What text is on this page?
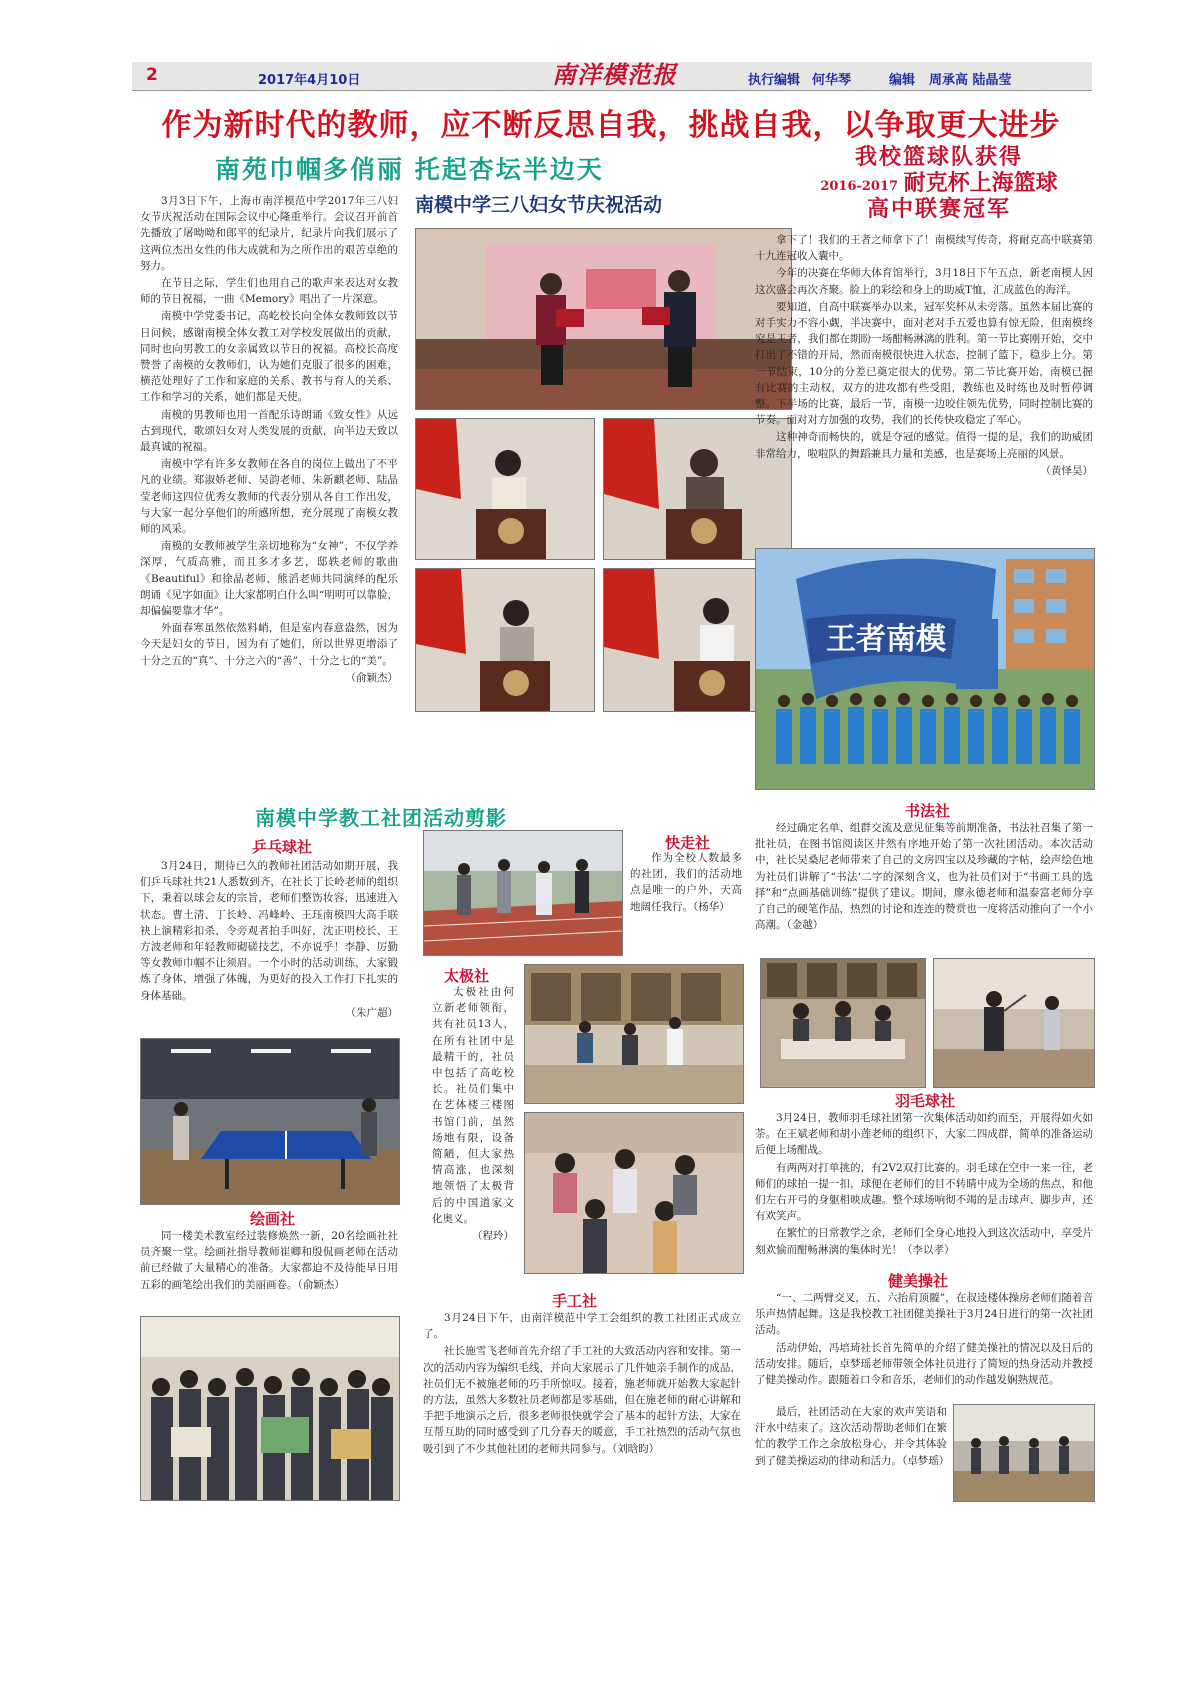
2	2017年4月10日	南洋模范报	执行编辑 何华琴	编辑 周承高 陆晶莹
作为新时代的教师，应不断反思自我，挑战自我，以争取更大进步
南苑巾帼多俏丽 托起杏坛半边天

3月3日下午，上海市南洋模范中学2017年三八妇女节庆祝活动在国际会议中心隆重举行。会议召开前首先播放了屠呦呦和郎平的纪录片，纪录片向我们展示了这两位杰出女性的伟大成就和为之所作出的艰苦卓绝的努力。

在节日之际，学生们也用自己的歌声来表达对女教师的节日祝福，一曲《Memory》唱出了一片深意。

南模中学党委书记，高屹校长向全体女教师致以节日问候，感谢南模全体女教工对学校发展做出的贡献，同时也向男教工的女亲属致以节日的祝福。高校长高度赞誉了南模的女教师们，认为她们克服了很多的困难，横范处理好了工作和家庭的关系、教书与育人的关系、工作和学习的关系，她们都是天使。

南模的男教师也用一首配乐诗朗诵《致女性》从远古到现代，歌颂妇女对人类发展的贡献，向半边天致以最真诚的祝福。

南模中学有许多女教师在各自的岗位上做出了不平凡的业绩。郑淑娇老师、吴韵老师、朱新麒老师、陆晶莹老师这四位优秀女教师的代表分别从各自工作出发，与大家一起分享他们的所感所想，充分展现了南模女教师的风采。

南模的女教师被学生亲切地称为“女神”，不仅学养深厚，气质高雅，而且多才多艺，邸轶老师的歌曲《Beautiful》和徐晶老师、熊滔老师共同演绎的配乐朗诵《见字如面》让大家都明白什么叫“明明可以靠脸，却偏偏要靠才华”。

外面春寒虽然依然料峭，但是室内春意盎然，因为今天是妇女的节日，因为有了她们，所以世界更增添了十分之五的“真”、十分之六的“善”、十分之七的“美”。

（俞颖杰）
南模中学三八妇女节庆祝活动
我校篮球队获得
2016-2017 耐克杯上海篮球
高中联赛冠军

拿下了！我们的王者之师拿下了！南模续写传奇，将耐克高中联赛第十九连冠收入囊中。

今年的决赛在华师大体育馆举行，3月18日下午五点，新老南模人因这次盛会再次齐聚。脸上的彩绘和身上的助威T恤，汇成蓝色的海洋。

要知道，自高中联赛举办以来，冠军奖杯从未旁落。虽然本届比赛的对手实力不容小觑，半决赛中，面对老对手五爱也算有惊无险，但南模终究是王者，我们都在期盼一场酣畅淋漓的胜利。第一节比赛刚开始，交中打出了不错的开局，然而南模很快进入状态，控制了篮下，稳步上分。第一节结束，10分的分差已奠定很大的优势。第二节比赛开始，南模已握有比赛的主动权，双方的进攻都有些受阻，教练也及时练也及时暂停调整。下半场的比赛，最后一节，南模一边咬住领先优势，同时控制比赛的节奏。面对对方加强的攻势，我们的长传快攻稳定了军心。

这种神奇而畅快的，就是夺冠的感觉。值得一提的是，我们的助威团非常给力，啦啦队的舞蹈兼具力量和美感，也是赛场上亮丽的风景。

（黄怿昊）
王者南模
南模中学教工社团活动剪影
乒乓球社

3月24日，期待已久的教师社团活动如期开展，我们乒乓球社共21人悉数到齐，在社长丁长岭老师的组织下，秉着以球会友的宗旨，老师们整饬妆容，迅速进入状态。曹土清、丁长岭、冯峰岭、王珏南模四大高手联袂上演精彩扣杀，令旁观者拍手叫好，沈正明校长、王方波老师和年轻教师砌磋技艺，不亦说乎！李静、厉勤等女教师巾帼不让须眉。一个小时的活动训练，大家锻炼了身体，增强了体魄，为更好的投入工作打下扎实的身体基础。

（朱广超）
绘画社

同一楼美术教室经过装修焕然一新，20名绘画社社员齐聚一堂。绘画社指导教师崔卿和殷侃画老师在活动前已经做了大量精心的准备。大家都迫不及待能早日用五彩的画笔绘出我们的美丽画卷。（俞颖杰）

快走社

作为全校人数最多的社团，我们的活动地点是唯一的户外，天高地阔任我行。（杨华）

太极社

太极社由何立新老师领衔，共有社员13人，在所有社团中是最精干的，社员中包括了高屹校长。社员们集中在艺体楼三楼图书馆门前，虽然场地有限，设备简陋，但大家热情高涨，也深刻地领悟了太极背后的中国道家文化奥义。

（程玲）
手工社

3月24日下午，由南洋模范中学工会组织的教工社团正式成立了。

社长施雪飞老师首先介绍了手工社的大致活动内容和安排。第一次的活动内容为编织毛线，并向大家展示了几件她亲手制作的成品，社员们无不被施老师的巧手所惊叹。接着，施老师就开始教大家起针的方法，虽然大多数社员老师都是零基础，但在施老师的耐心讲解和手把手地演示之后，很多老师很快就学会了基本的起针方法，大家在互帮互助的同时感受到了几分春天的暖意，手工社热烈的活动气氛也吸引到了不少其他社团的老师共同参与。（刘晗昀）

书法社

经过确定名单、组群交流及意见征集等前期准备，书法社召集了第一批社员，在图书馆阅读区井然有序地开始了第一次社团活动。本次活动中，社长吴桑尼老师带来了自己的文房四宝以及珍藏的字帖，绘声绘色地为社员们讲解了“书法‘二字的深刻含义，也为社员们对于“书画工具的选择”和“点画基础训练”提供了建议。期间，廖永德老师和温泰富老师分享了自己的硬笔作品，热烈的讨论和连连的赞赏也一度将活动推向了一个小高潮。（金越）

羽毛球社

3月24日，教师羽毛球社团第一次集体活动如约而至，开展得如火如荼。在王斌老师和胡小莲老师的组织下，大家二四成群，简单的准备运动后便上场酣战。

有两两对打单挑的，有2V2双打比赛的。羽毛球在空中一来一往，老师们的球拍一提一扣，球便在老师们的目不转睛中成为全场的焦点，和他们左右开弓的身躯相映成趣。整个球场响彻不竭的是击球声、脚步声，还有欢笑声。

在繁忙的日常教学之余，老师们全身心地投入到这次活动中，享受片刻欢愉而酣畅淋漓的集体时光！（李以孝）

健美操社

“一、二两臂交叉，五、六抬肩顶髋”，在叔逵楼体操房老师们随着音乐声热情起舞。这是我校教工社团健美操社于3月24日进行的第一次社团活动。

活动伊始，冯培琦社长首先简单的介绍了健美操社的情况以及日后的活动安排。随后，卓梦瑶老师带领全体社员进行了简短的热身活动并教授了健美操动作。跟随着口令和音乐，老师们的动作越发娴熟规范。

最后，社团活动在大家的欢声笑语和汗水中结束了。这次活动帮助老师们在繁忙的教学工作之余放松身心，并令其体验到了健美操运动的律动和活力。（卓梦瑶）
